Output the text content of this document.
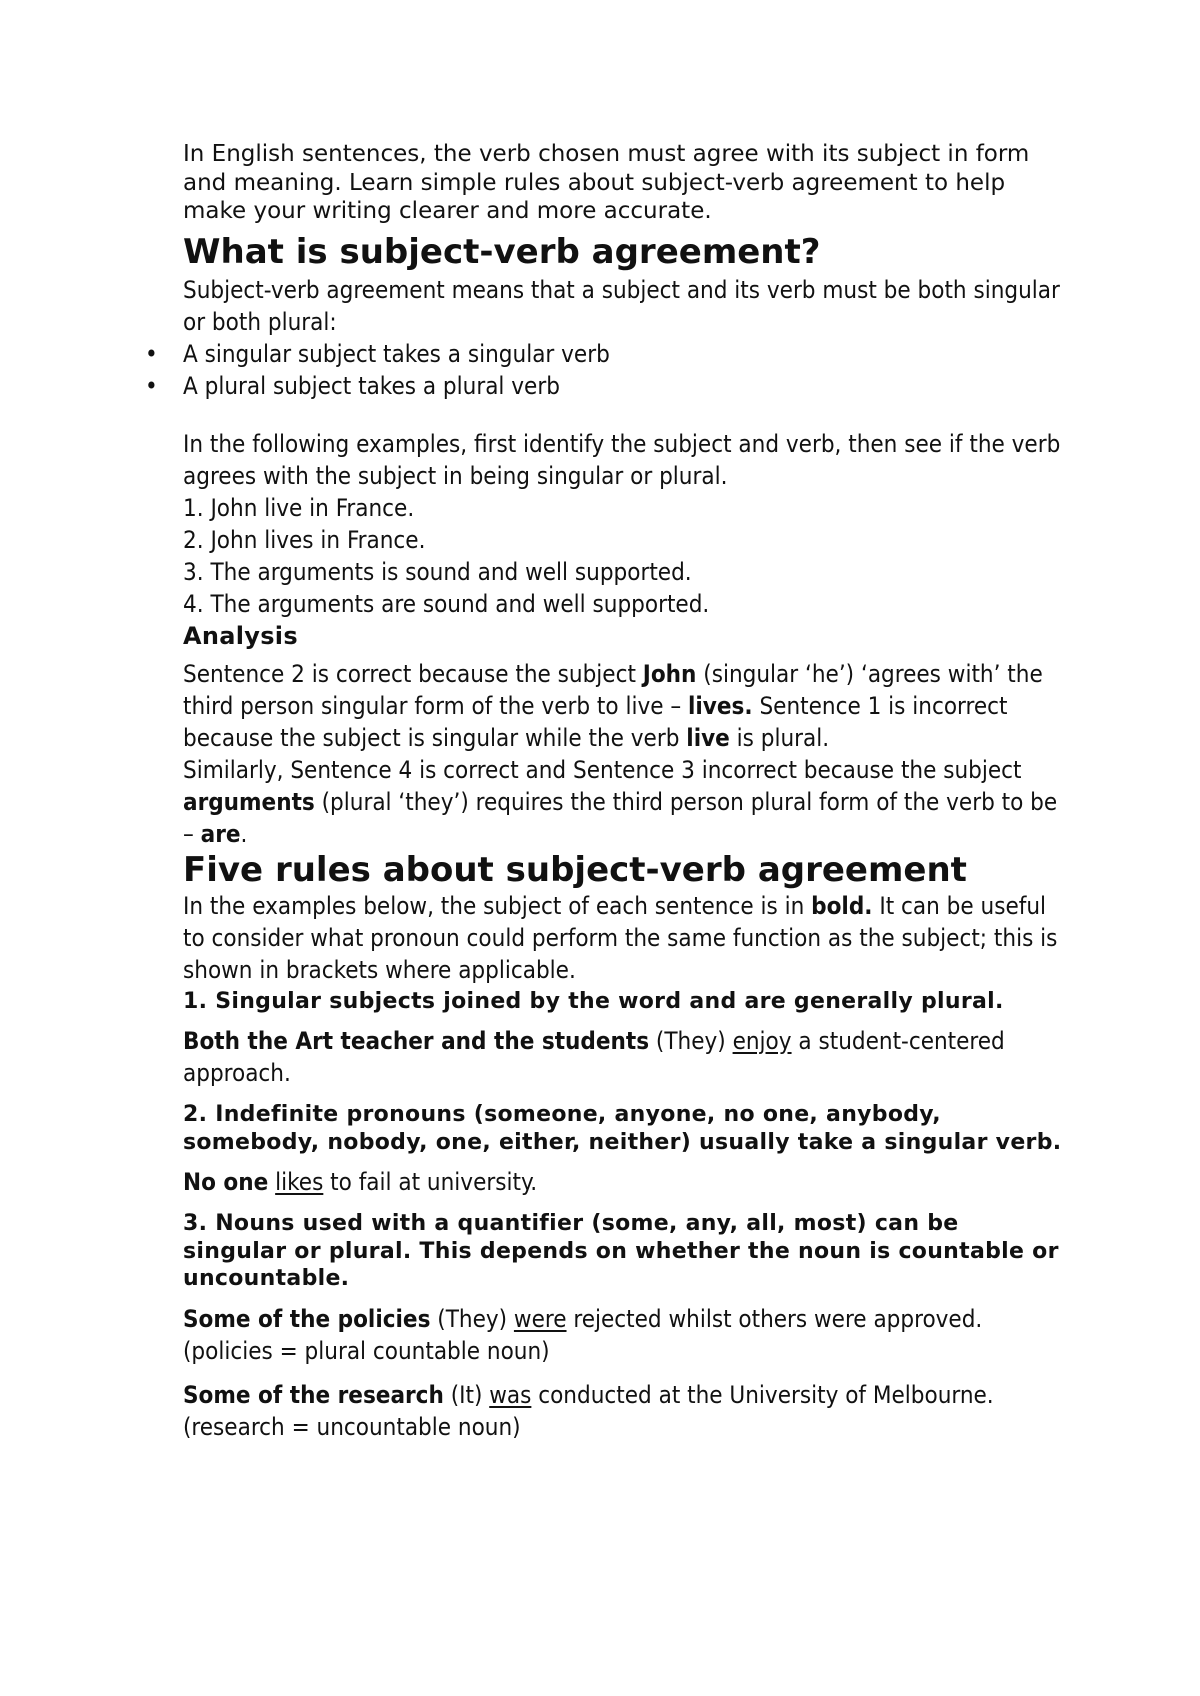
In English sentences, the verb chosen must agree with its subject in form and meaning. Learn simple rules about subject-verb agreement to help make your writing clearer and more accurate.

What is subject-verb agreement?

Subject-verb agreement means that a subject and its verb must be both singular or both plural:

• A singular subject takes a singular verb
• A plural subject takes a plural verb

In the following examples, first identify the subject and verb, then see if the verb agrees with the subject in being singular or plural.

1. John live in France.
2. John lives in France.
3. The arguments is sound and well supported.
4. The arguments are sound and well supported.
Analysis

Sentence 2 is correct because the subject John (singular ‘he’) ‘agrees with’ the third person singular form of the verb to live – lives. Sentence 1 is incorrect because the subject is singular while the verb live is plural.

Similarly, Sentence 4 is correct and Sentence 3 incorrect because the subject arguments (plural ‘they’) requires the third person plural form of the verb to be – are.

Five rules about subject-verb agreement

In the examples below, the subject of each sentence is in bold. It can be useful to consider what pronoun could perform the same function as the subject; this is shown in brackets where applicable.

1. Singular subjects joined by the word and are generally plural.

Both the Art teacher and the students (They) enjoy a student-centered approach.

2. Indefinite pronouns (someone, anyone, no one, anybody, somebody, nobody, one, either, neither) usually take a singular verb.

No one likes to fail at university.

3. Nouns used with a quantifier (some, any, all, most) can be singular or plural. This depends on whether the noun is countable or uncountable.

Some of the policies (They) were rejected whilst others were approved. (policies = plural countable noun)

Some of the research (It) was conducted at the University of Melbourne. (research = uncountable noun)
